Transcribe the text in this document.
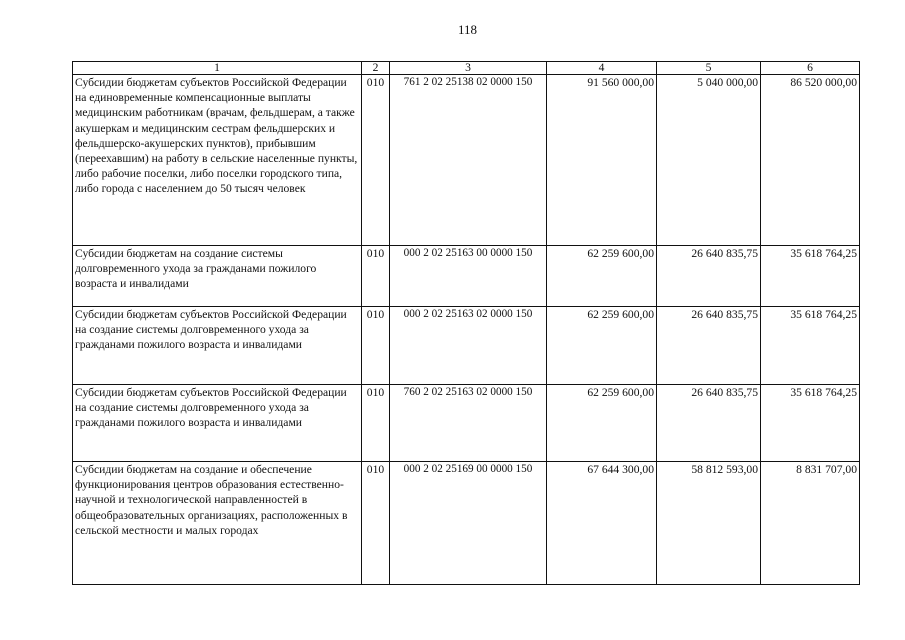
118
1	2	3	4	5	6
Субсидии бюджетам субъектов Российской Федерации на единовременные компенсационные выплаты медицинским работникам (врачам, фельдшерам, а также акушеркам и медицинским сестрам фельдшерских и фельдшерско-акушерских пунктов), прибывшим (переехавшим) на работу в сельские населенные пункты, либо рабочие поселки, либо поселки городского типа, либо города с населением до 50 тысяч человек	010	761 2 02 25138 02 0000 150	91 560 000,00	5 040 000,00	86 520 000,00
Субсидии бюджетам на создание системы долговременного ухода за гражданами пожилого возраста и инвалидами	010	000 2 02 25163 00 0000 150	62 259 600,00	26 640 835,75	35 618 764,25
Субсидии бюджетам субъектов Российской Федерации на создание системы долговременного ухода за гражданами пожилого возраста и инвалидами	010	000 2 02 25163 02 0000 150	62 259 600,00	26 640 835,75	35 618 764,25
Субсидии бюджетам субъектов Российской Федерации на создание системы долговременного ухода за гражданами пожилого возраста и инвалидами	010	760 2 02 25163 02 0000 150	62 259 600,00	26 640 835,75	35 618 764,25
Субсидии бюджетам на создание и обеспечение функционирования центров образования естественно-научной и технологической направленностей в общеобразовательных организациях, расположенных в сельской местности и малых городах	010	000 2 02 25169 00 0000 150	67 644 300,00	58 812 593,00	8 831 707,00
